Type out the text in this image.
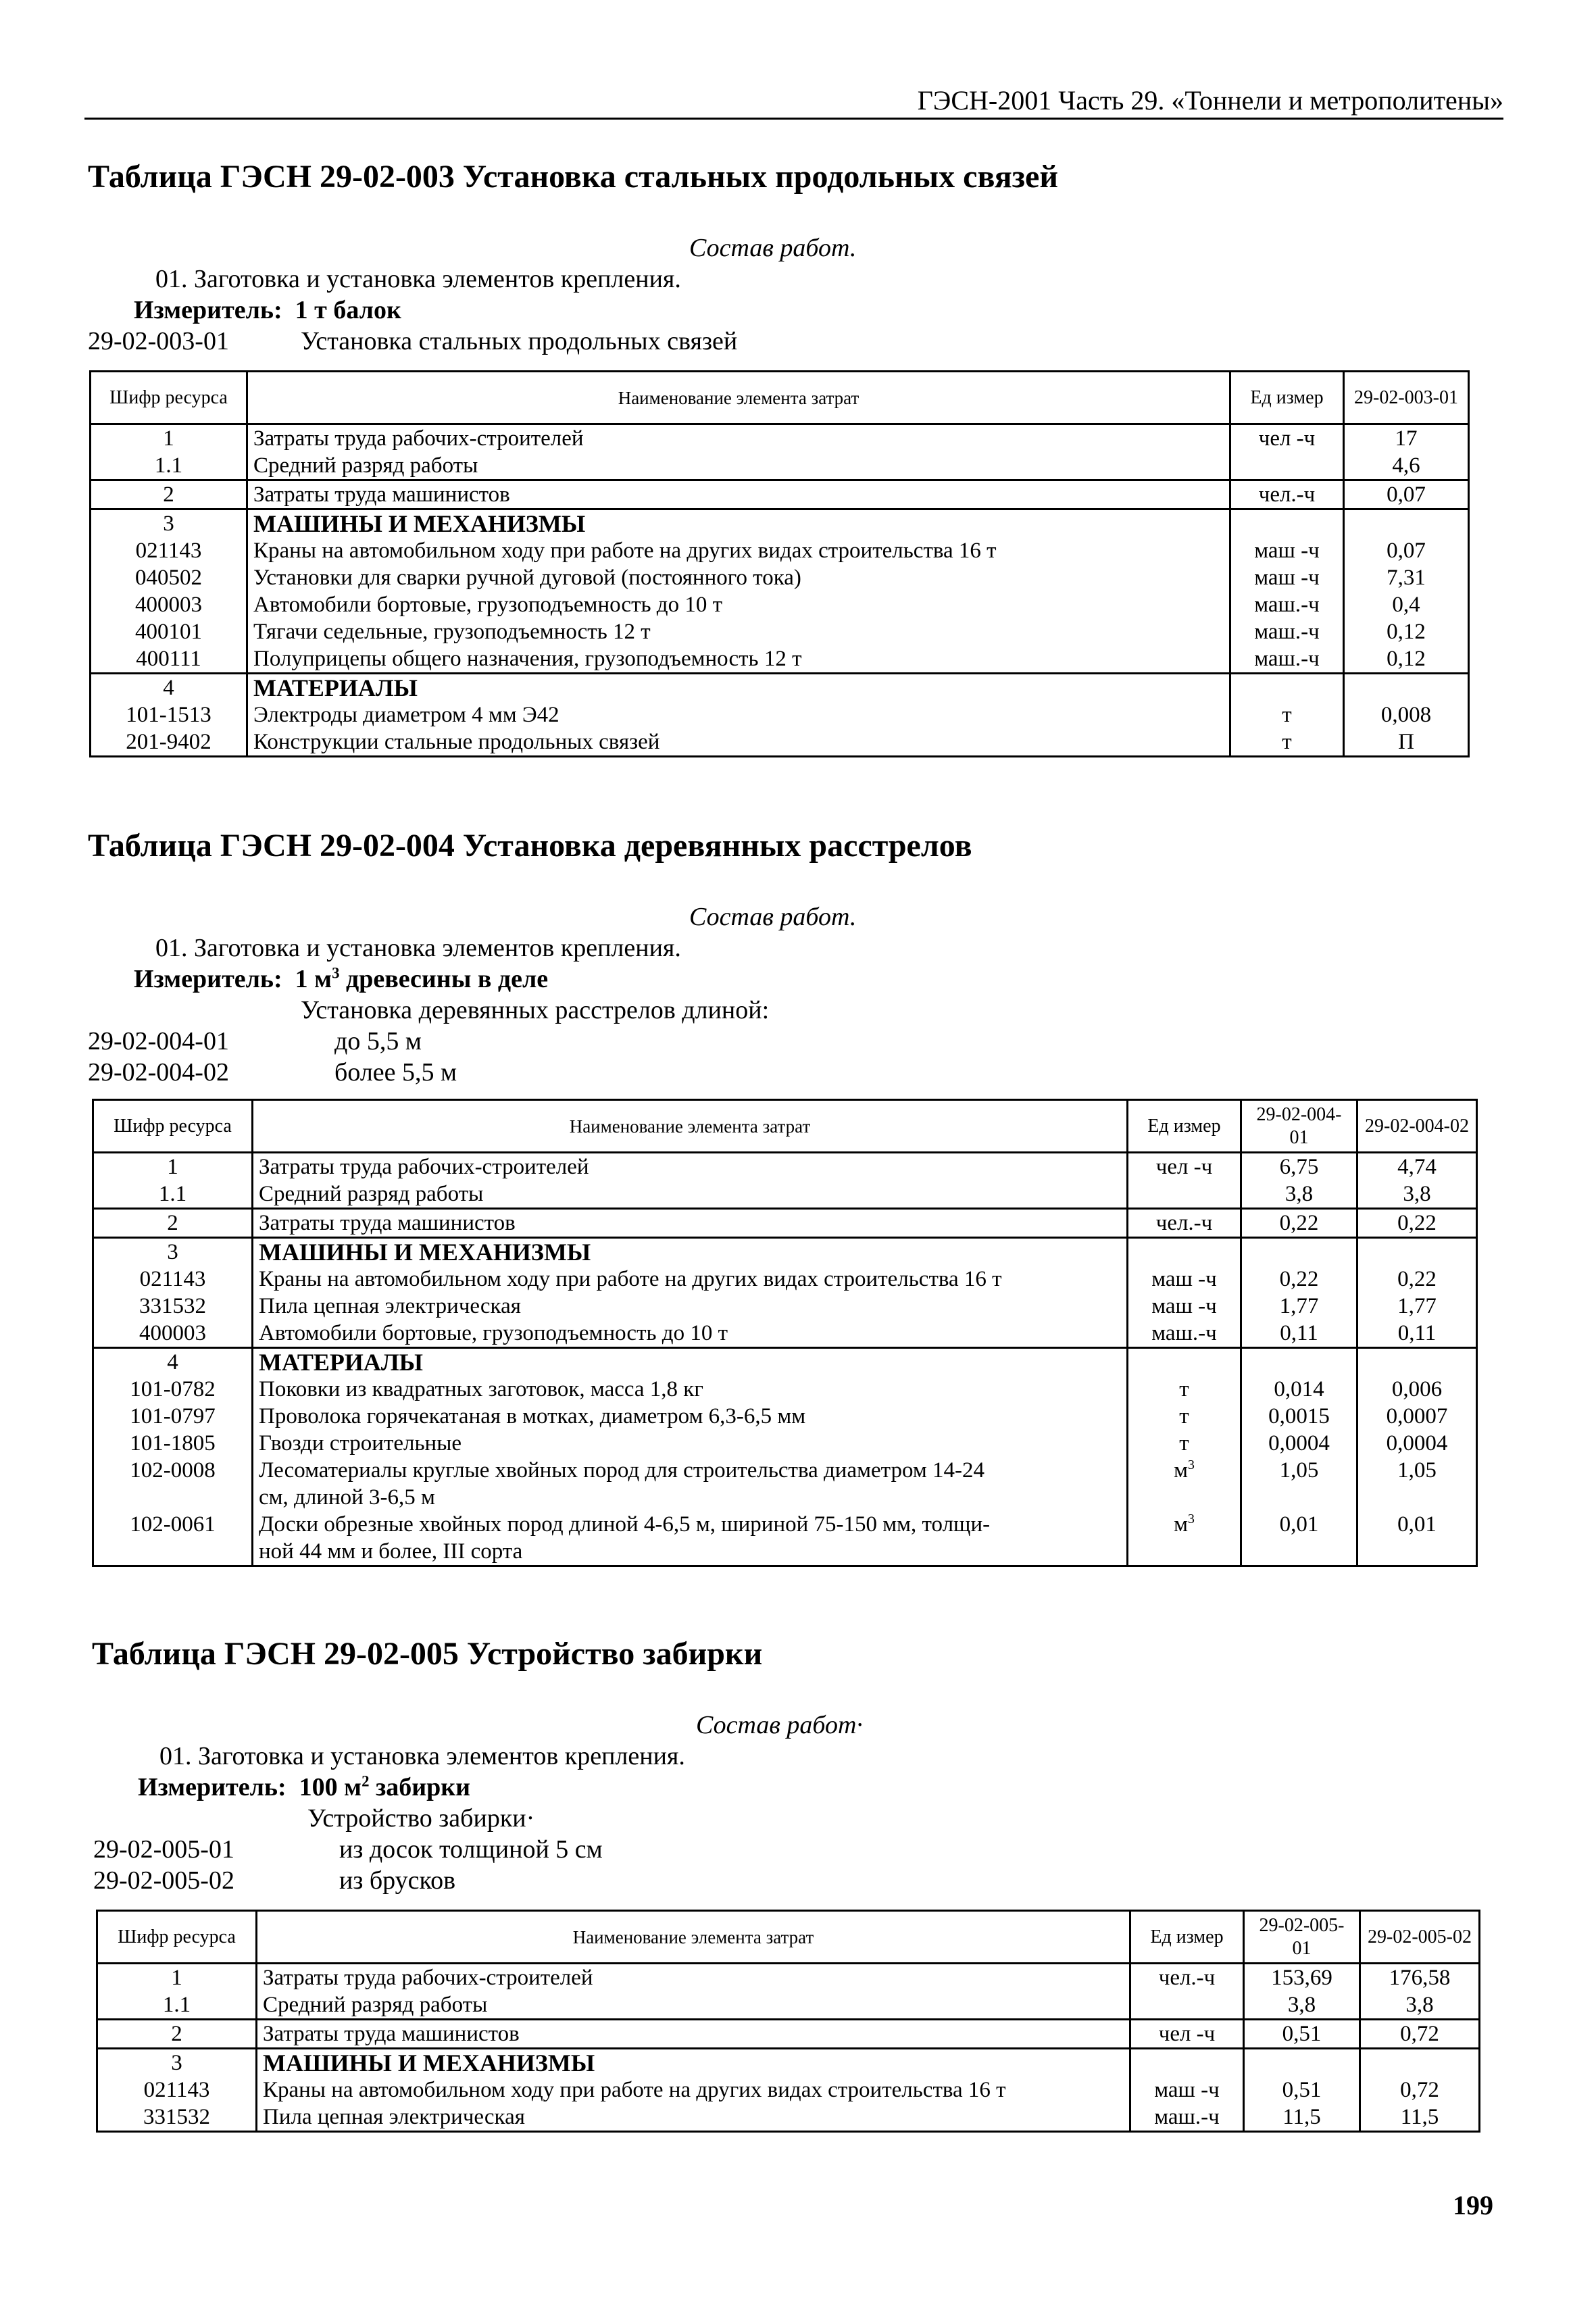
ГЭСН-2001 Часть 29. «Тоннели и метрополитены»
Таблица ГЭСН 29-02-003 Установка стальных продольных связей
Состав работ.
01. Заготовка и установка элементов крепления.
Измеритель: 1 т балок
29-02-003-01	Установка стальных продольных связей
Шифр ресурса	Наименование элемента затрат	Ед измер	29-02-003-01
1	Затраты труда рабочих-строителей	чел -ч	17
1.1	Средний разряд работы		4,6
2	Затраты труда машинистов	чел.-ч	0,07
3	МАШИНЫ И МЕХАНИЗМЫ		
021143	Краны на автомобильном ходу при работе на других видах строительства 16 т	маш -ч	0,07
040502	Установки для сварки ручной дуговой (постоянного тока)	маш -ч	7,31
400003	Автомобили бортовые, грузоподъемность до 10 т	маш.-ч	0,4
400101	Тягачи седельные, грузоподъемность 12 т	маш.-ч	0,12
400111	Полуприцепы общего назначения, грузоподъемность 12 т	маш.-ч	0,12
4	МАТЕРИАЛЫ		
101-1513	Электроды диаметром 4 мм Э42	т	0,008
201-9402	Конструкции стальные продольных связей	т	П
Таблица ГЭСН 29-02-004 Установка деревянных расстрелов
Состав работ.
01. Заготовка и установка элементов крепления.
Измеритель: 1 $м^3$ древесины в деле
Установка деревянных расстрелов длиной:
29-02-004-01	до 5,5 м
29-02-004-02	более 5,5 м
Шифр ресурса	Наименование элемента затрат	Ед измер	29-02-004-01	29-02-004-02
1	Затраты труда рабочих-строителей	чел -ч	6,75	4,74
1.1	Средний разряд работы		3,8	3,8
2	Затраты труда машинистов	чел.-ч	0,22	0,22
3	МАШИНЫ И МЕХАНИЗМЫ			
021143	Краны на автомобильном ходу при работе на других видах строительства 16 т	маш -ч	0,22	0,22
331532	Пила цепная электрическая	маш -ч	1,77	1,77
400003	Автомобили бортовые, грузоподъемность до 10 т	маш.-ч	0,11	0,11
4	МАТЕРИАЛЫ			
101-0782	Поковки из квадратных заготовок, масса 1,8 кг	т	0,014	0,006
101-0797	Проволока горячекатаная в мотках, диаметром 6,3-6,5 мм	т	0,0015	0,0007
101-1805	Гвозди строительные	т	0,0004	0,0004
102-0008	Лесоматериалы круглые хвойных пород для строительства диаметром 14-24
см, длиной 3-6,5 м	$м^3$	1,05	1,05
102-0061	Доски обрезные хвойных пород длиной 4-6,5 м, шириной 75-150 мм, толщи-
ной 44 мм и более, III сорта	$м^3$	0,01	0,01
Таблица ГЭСН 29-02-005 Устройство забирки
Состав работ·
01. Заготовка и установка элементов крепления.
Измеритель: 100 $м^2$ забирки
Устройство забирки·
29-02-005-01	из досок толщиной 5 см
29-02-005-02	из брусков
Шифр ресурса	Наименование элемента затрат	Ед измер	29-02-005-01	29-02-005-02
1	Затраты труда рабочих-строителей	чел.-ч	153,69	176,58
1.1	Средний разряд работы		3,8	3,8
2	Затраты труда машинистов	чел -ч	0,51	0,72
3	МАШИНЫ И МЕХАНИЗМЫ			
021143	Краны на автомобильном ходу при работе на других видах строительства 16 т	маш -ч	0,51	0,72
331532	Пила цепная электрическая	маш.-ч	11,5	11,5
199
